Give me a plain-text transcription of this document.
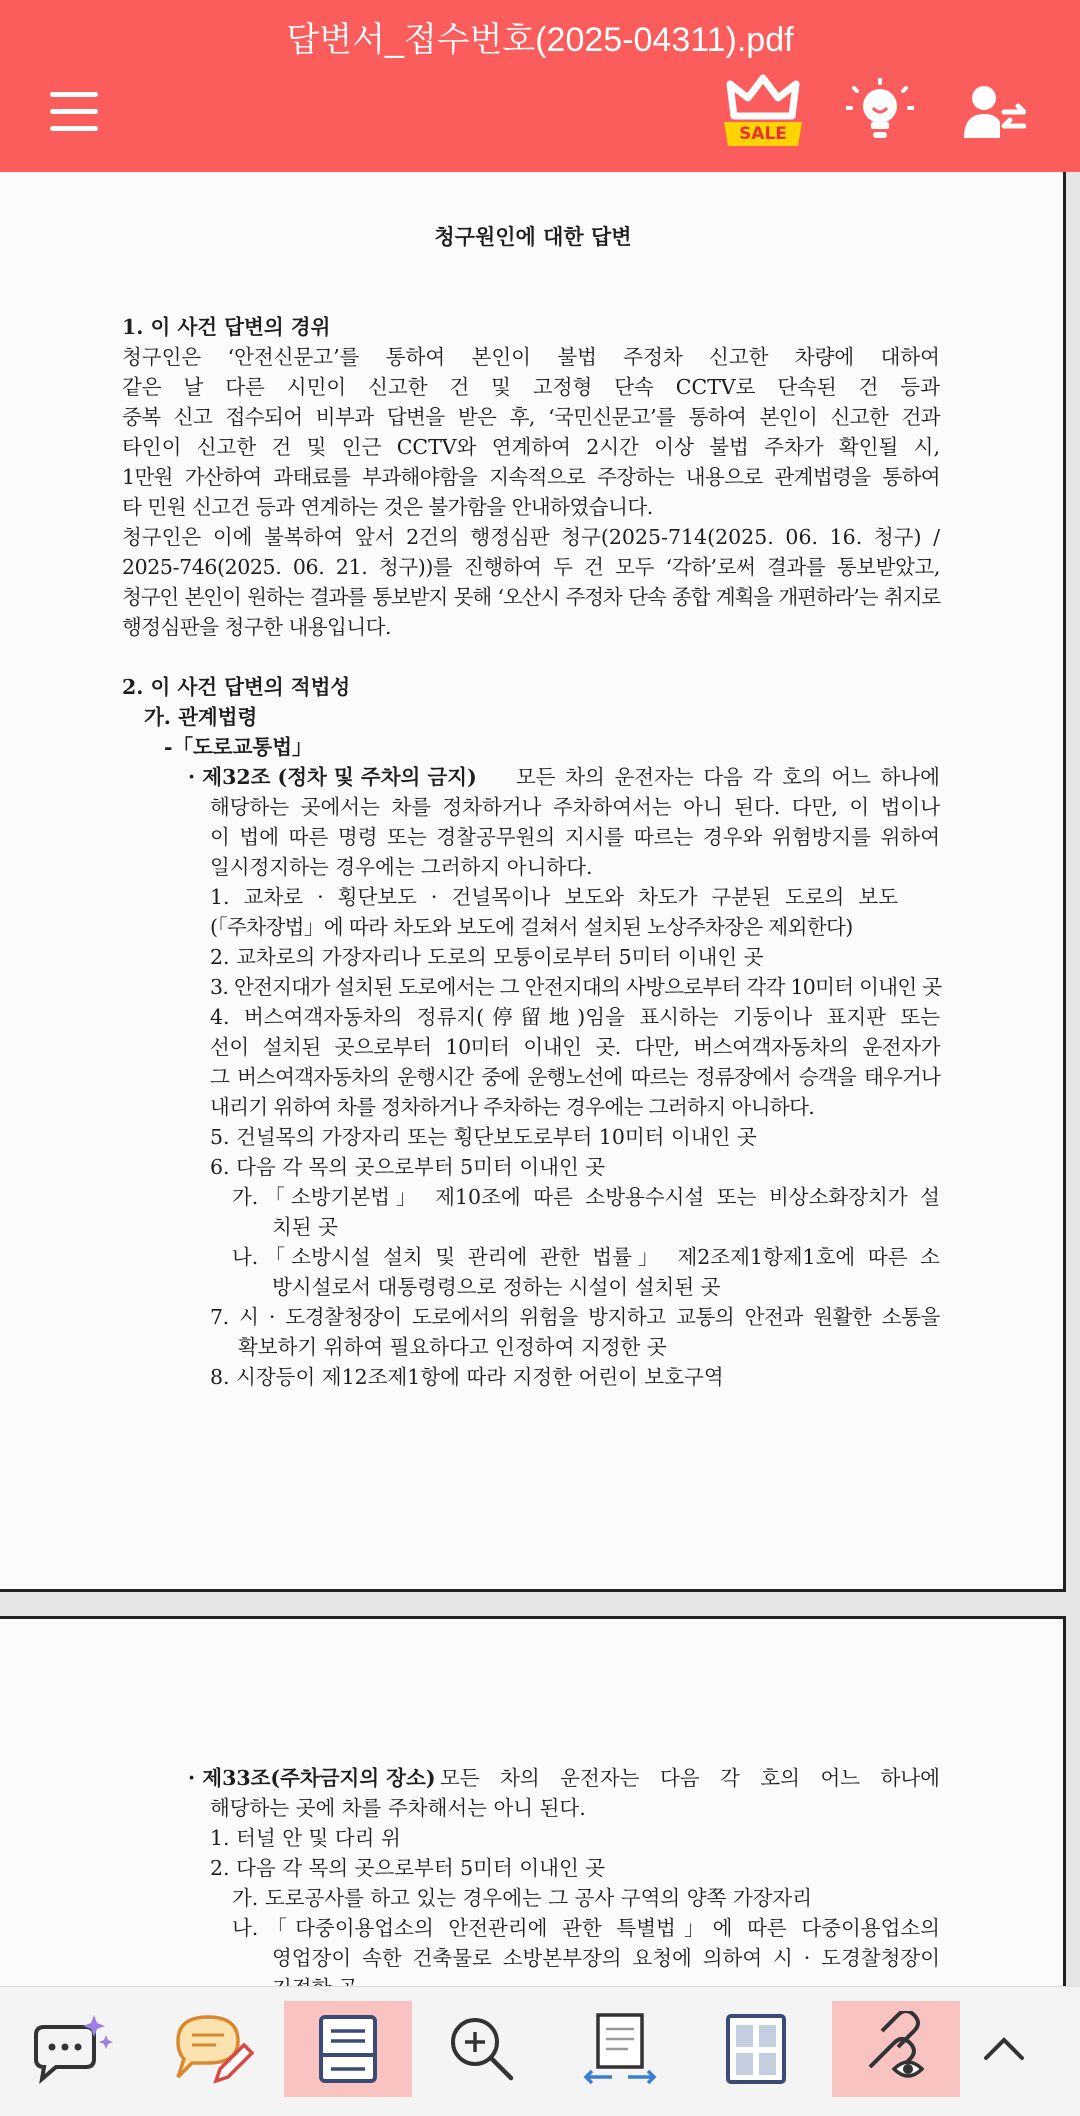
답변서_접수번호(2025-04311).pdf
SALE
청구원인에 대한 답변
1. 이 사건 답변의 경위
청구인은 ‘안전신문고’를 통하여 본인이 불법 주정차 신고한 차량에 대하여
같은 날 다른 시민이 신고한 건 및 고정형 단속 CCTV로 단속된 건 등과
중복 신고 접수되어 비부과 답변을 받은 후, ‘국민신문고’를 통하여 본인이 신고한 건과
타인이 신고한 건 및 인근 CCTV와 연계하여 2시간 이상 불법 주차가 확인될 시,
1만원 가산하여 과태료를 부과해야함을 지속적으로 주장하는 내용으로 관계법령을 통하여
타 민원 신고건 등과 연계하는 것은 불가함을 안내하였습니다.
청구인은 이에 불복하여 앞서 2건의 행정심판 청구(2025-714(2025. 06. 16. 청구) /
2025-746(2025. 06. 21. 청구))를 진행하여 두 건 모두 ‘각하’로써 결과를 통보받았고,
청구인 본인이 원하는 결과를 통보받지 못해 ‘오산시 주정차 단속 종합 계획을 개편하라’는 취지로
행정심판을 청구한 내용입니다.
2. 이 사건 답변의 적법성
가. 관계법령
-「도로교통법」
· 제32조 (정차 및 주차의 금지) 모든 차의 운전자는 다음 각 호의 어느 하나에
해당하는 곳에서는 차를 정차하거나 주차하여서는 아니 된다. 다만, 이 법이나
이 법에 따른 명령 또는 경찰공무원의 지시를 따르는 경우와 위험방지를 위하여
일시정지하는 경우에는 그러하지 아니하다.
1. 교차로 · 횡단보도 · 건널목이나 보도와 차도가 구분된 도로의 보도
(「주차장법」에 따라 차도와 보도에 걸쳐서 설치된 노상주차장은 제외한다)
2. 교차로의 가장자리나 도로의 모퉁이로부터 5미터 이내인 곳
3. 안전지대가 설치된 도로에서는 그 안전지대의 사방으로부터 각각 10미터 이내인 곳
4. 버스여객자동차의 정류지(停留地)임을 표시하는 기둥이나 표지판 또는
선이 설치된 곳으로부터 10미터 이내인 곳. 다만, 버스여객자동차의 운전자가
그 버스여객자동차의 운행시간 중에 운행노선에 따르는 정류장에서 승객을 태우거나
내리기 위하여 차를 정차하거나 주차하는 경우에는 그러하지 아니하다.
5. 건널목의 가장자리 또는 횡단보도로부터 10미터 이내인 곳
6. 다음 각 목의 곳으로부터 5미터 이내인 곳
가.「소방기본법」 제10조에 따른 소방용수시설 또는 비상소화장치가 설
치된 곳
나.「소방시설 설치 및 관리에 관한 법률」 제2조제1항제1호에 따른 소
방시설로서 대통령령으로 정하는 시설이 설치된 곳
7. 시 · 도경찰청장이 도로에서의 위험을 방지하고 교통의 안전과 원활한 소통을
확보하기 위하여 필요하다고 인정하여 지정한 곳
8. 시장등이 제12조제1항에 따라 지정한 어린이 보호구역
· 제33조(주차금지의 장소) 모든 차의 운전자는 다음 각 호의 어느 하나에
해당하는 곳에 차를 주차해서는 아니 된다.
1. 터널 안 및 다리 위
2. 다음 각 목의 곳으로부터 5미터 이내인 곳
가. 도로공사를 하고 있는 경우에는 그 공사 구역의 양쪽 가장자리
나.「다중이용업소의 안전관리에 관한 특별법」에 따른 다중이용업소의
영업장이 속한 건축물로 소방본부장의 요청에 의하여 시 · 도경찰청장이
